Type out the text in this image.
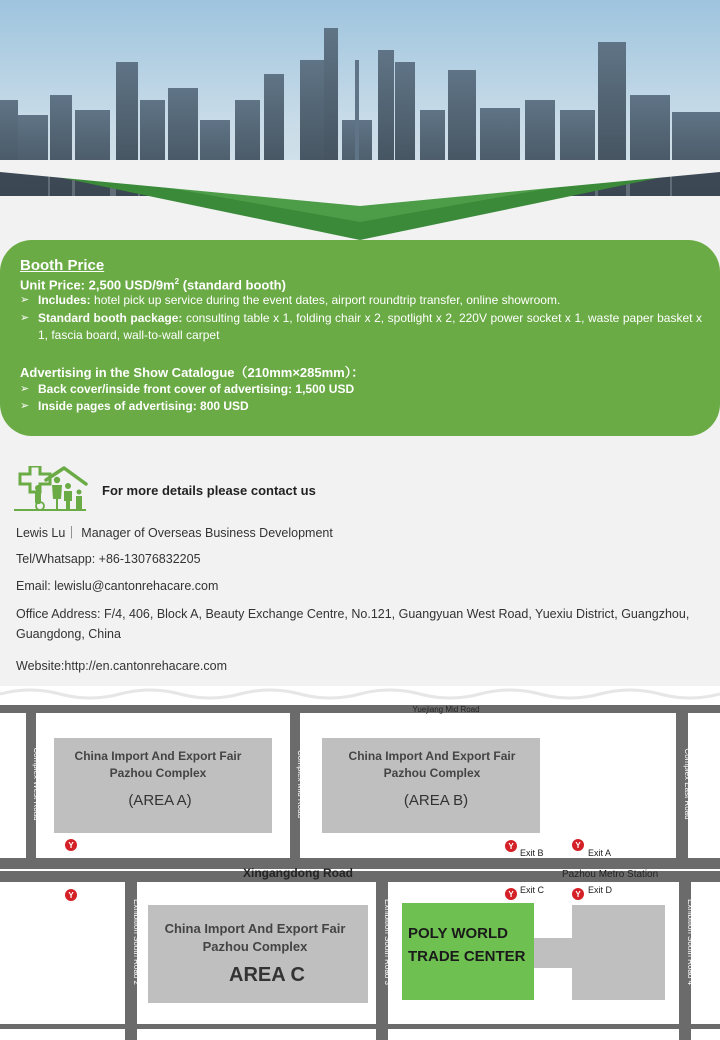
Booth Price
Unit Price: 2,500 USD/$9m^2$ (standard booth)
➢ Includes: hotel pick up service during the event dates, airport roundtrip transfer, online showroom.
➢ Standard booth package: consulting table x 1, folding chair x 2, spotlight x 2, 220V power socket x 1, waste paper basket x 1, fascia board, wall-to-wall carpet
Advertising in the Show Catalogue（210mm×285mm）：
➢ Back cover/inside front cover of advertising: 1,500 USD
➢ Inside pages of advertising: 800 USD
For more details please contact us
Lewis Lu｜ Manager of Overseas Business Development
Tel/Whatsapp: +86-13076832205
Email: lewislu@cantonrehacare.com
Office Address: F/4, 406, Block A, Beauty Exchange Centre, No.121, Guangyuan West Road, Yuexiu District, Guangzhou, Guangdong, China
Website:http://en.cantonrehacare.com
China Import And Export Fair
Pazhou Complex
(AREA A)
China Import And Export Fair
Pazhou Complex
(AREA B)
China Import And Export Fair
Pazhou Complex
AREA C
POLY WORLD
TRADE CENTER
Yuejiang Mid Road
Xingangdong Road	Pazhou Metro Station
Complex West Road	Complex Mid Road	Complex East Road
Exhibition South Road 2	Exhibition South Road 3	Exhibition South Road 4
Y
Y
Y	Y
Y	Y
Exit B	Exit A
Exit C	Exit D
